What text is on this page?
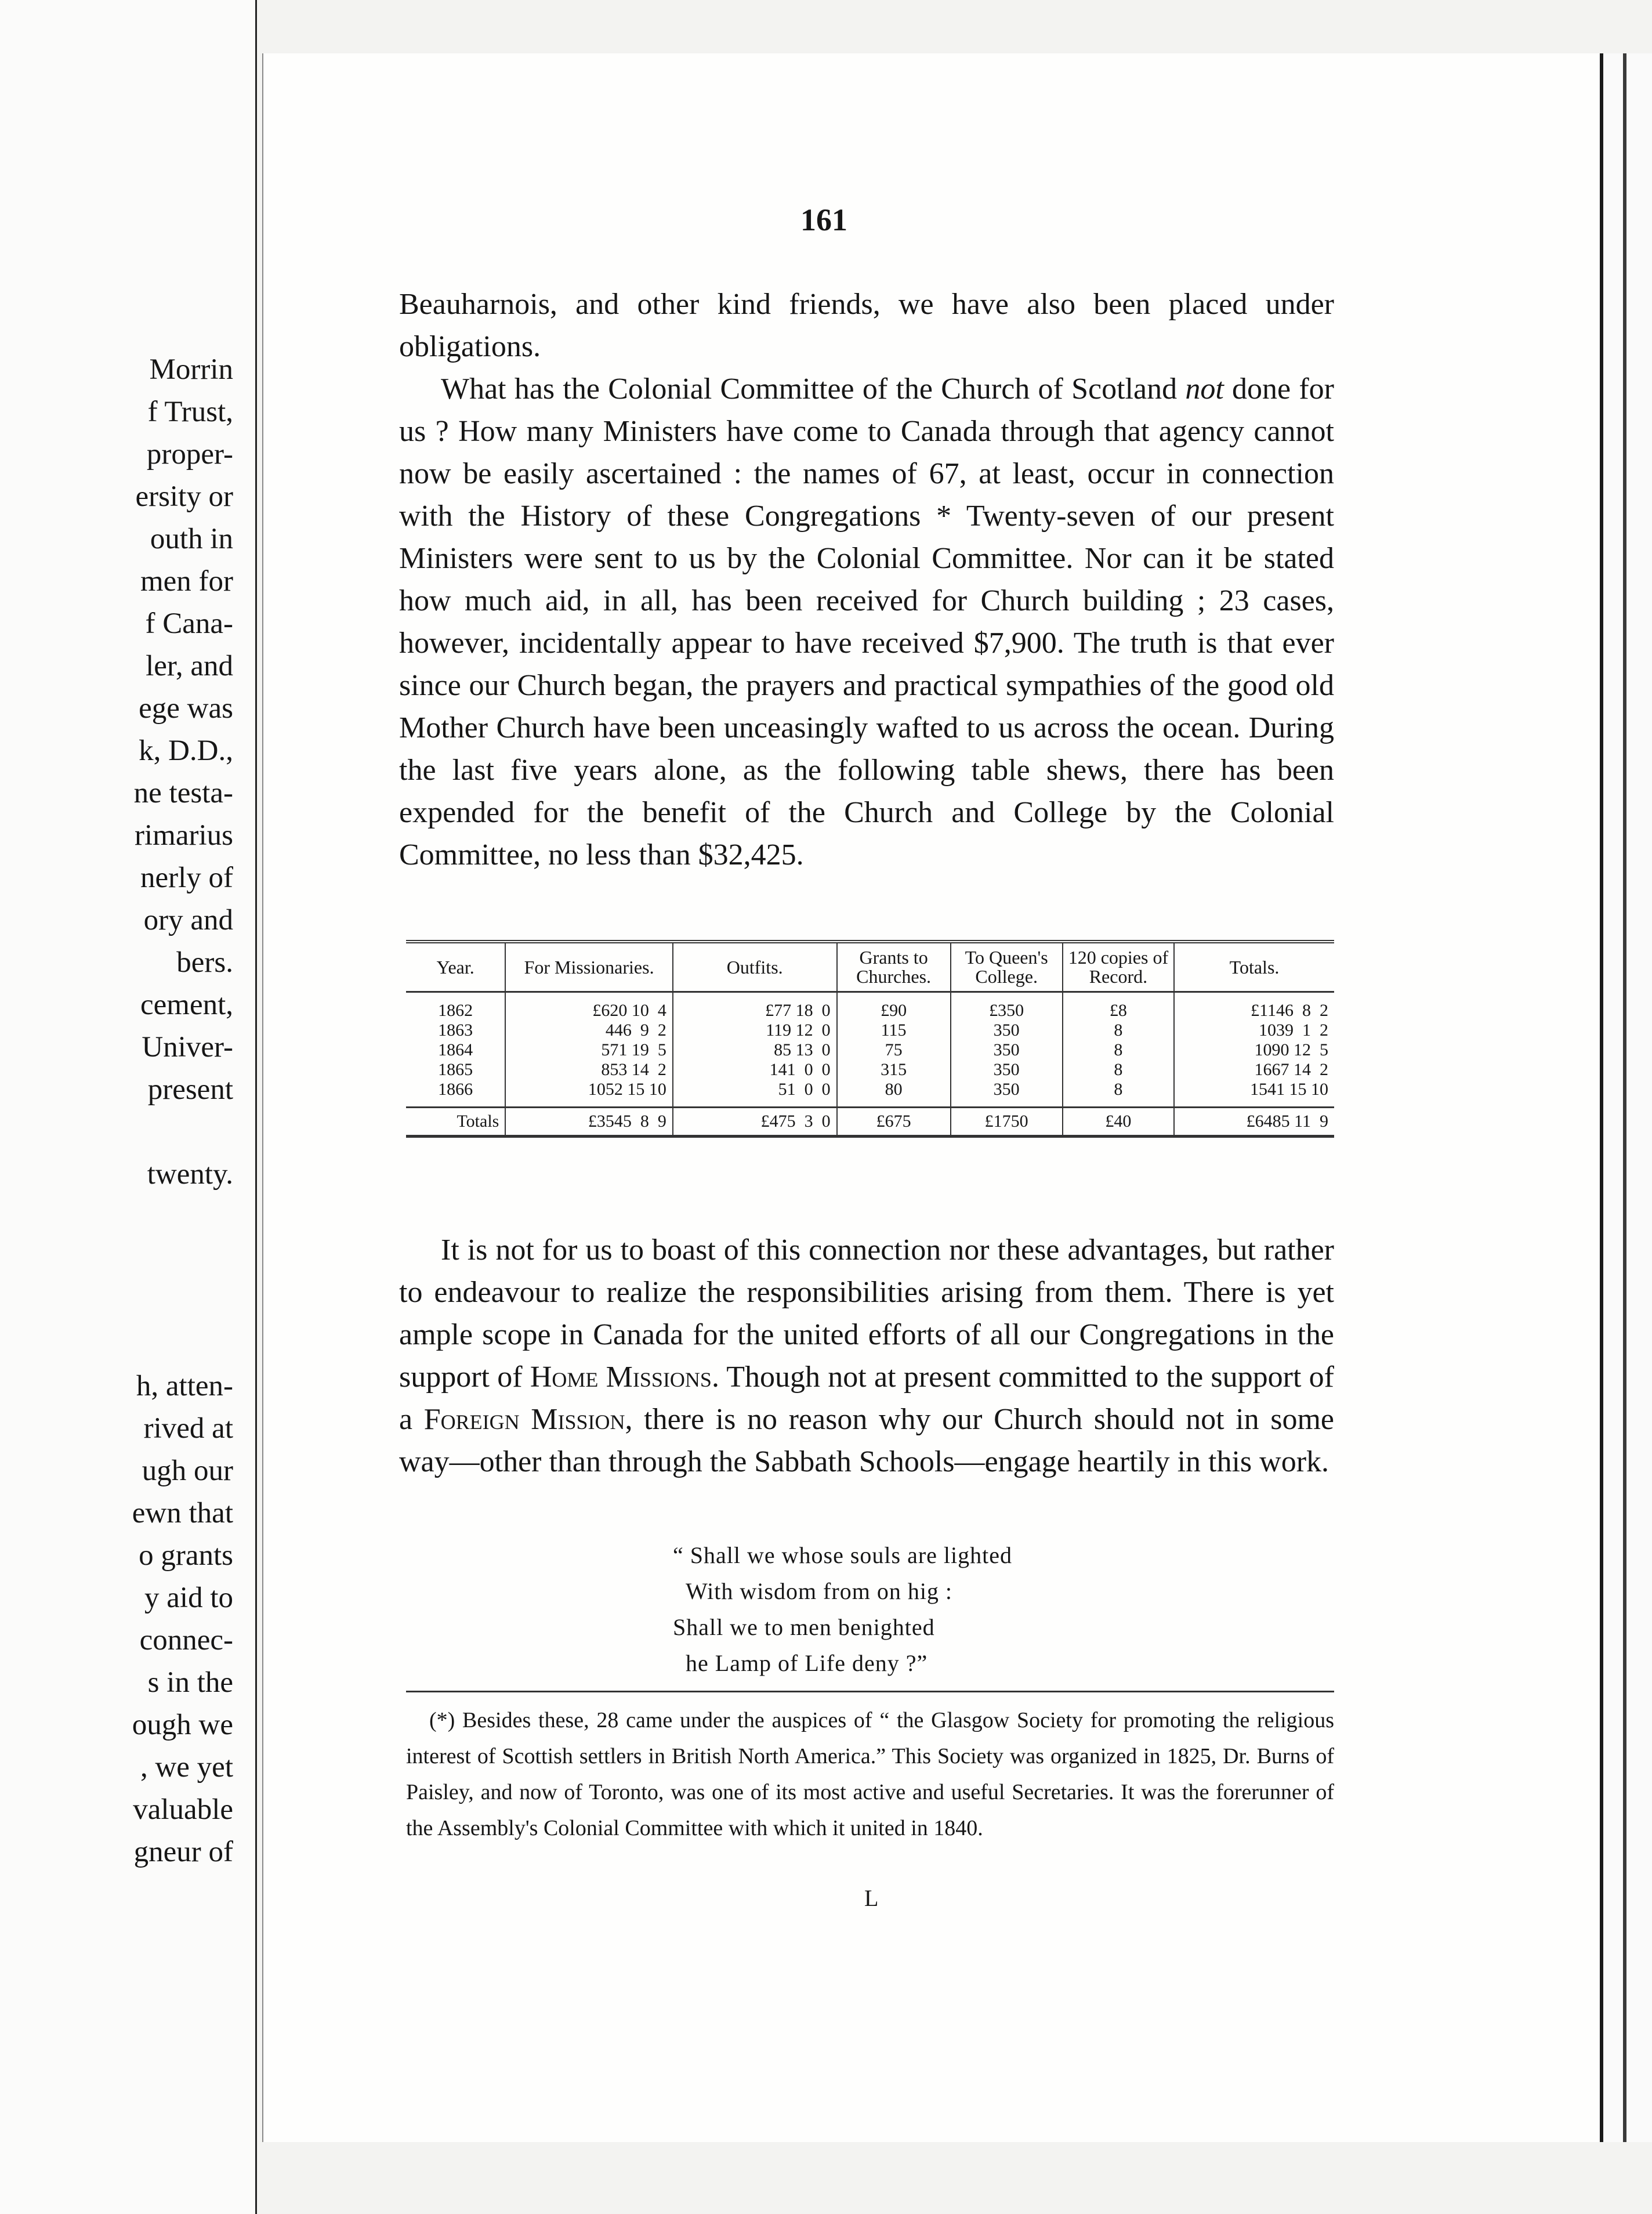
Morrin
f Trust,
proper-
ersity or
outh in
men for
f Cana-
ler, and
ege was
k, D.D.,
ne testa-
rimarius
nerly of
ory and
bers.
cement,
Univer-
present
twenty.
h, atten-
rived at
ugh our
ewn that
o grants
y aid to
connec-
s in the
ough we
, we yet
valuable
gneur of
161

Beauharnois, and other kind friends, we have also been placed under obligations.

What has the Colonial Committee of the Church of Scotland not done for us ? How many Ministers have come to Canada through that agency cannot now be easily ascertained : the names of 67, at least, occur in connection with the History of these Congregations * Twenty-seven of our present Ministers were sent to us by the Colonial Committee. Nor can it be stated how much aid, in all, has been received for Church building ; 23 cases, however, incidentally appear to have received $7,900. The truth is that ever since our Church began, the prayers and practical sympathies of the good old Mother Church have been unceasingly wafted to us across the ocean. During the last five years alone, as the following table shews, there has been expended for the benefit of the Church and College by the Colonial Committee, no less than $32,425.

Year.	For Missionaries.	Outfits.	Grants to Churches.	To Queen's College.	120 copies of Record.	Totals.
1862	£620 10  4	£77 18  0	£90	£350	£8	£1146  8  2
1863	446  9  2	119 12  0	115	350	8	1039  1  2
1864	571 19  5	85 13  0	75	350	8	1090 12  5
1865	853 14  2	141  0  0	315	350	8	1667 14  2
1866	1052 15 10	51  0  0	80	350	8	1541 15 10
Totals	£3545  8  9	£475  3  0	£675	£1750	£40	£6485 11  9

It is not for us to boast of this connection nor these advantages, but rather to endeavour to realize the responsibilities arising from them. There is yet ample scope in Canada for the united efforts of all our Congregations in the support of Home Missions. Though not at present committed to the support of a Foreign Mission, there is no reason why our Church should not in some way—other than through the Sabbath Schools—engage heartily in this work.

“ Shall we whose souls are lighted
With wisdom from on hig :
Shall we to men benighted
he Lamp of Life deny ?”

(*) Besides these, 28 came under the auspices of “ the Glasgow Society for promoting the religious interest of Scottish settlers in British North America.” This Society was organized in 1825, Dr. Burns of Paisley, and now of Toronto, was one of its most active and useful Secretaries. It was the forerunner of the Assembly's Colonial Committee with which it united in 1840.

L
